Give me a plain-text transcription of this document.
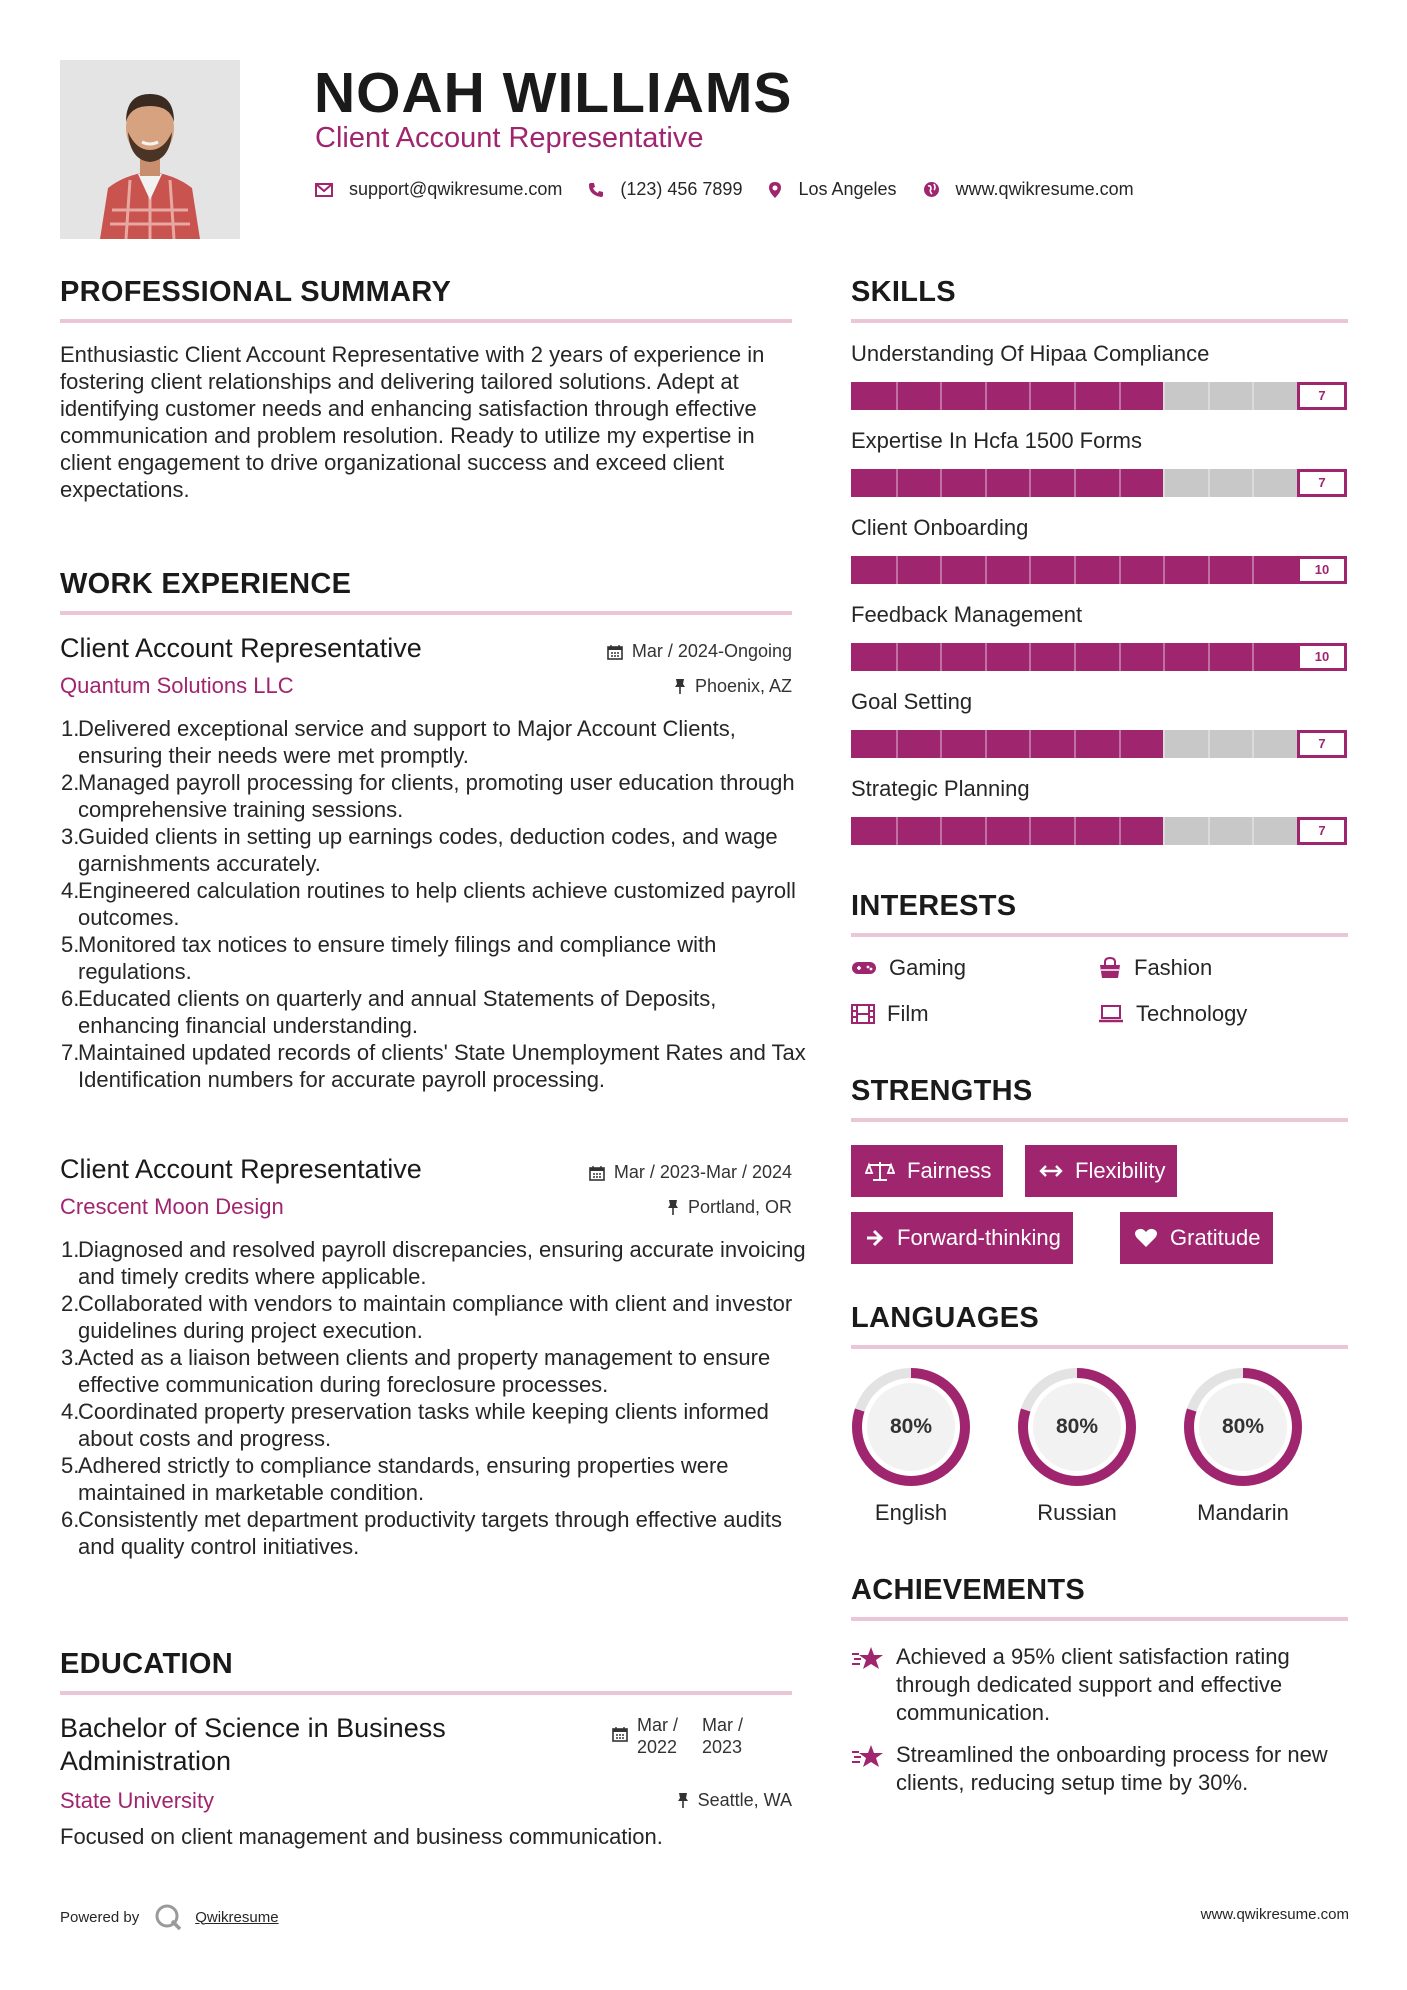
NOAH WILLIAMS
Client Account Representative
support@qwikresume.com	(123) 456 7899	Los Angeles	www.qwikresume.com
PROFESSIONAL SUMMARY
Enthusiastic Client Account Representative with 2 years of experience in fostering client relationships and delivering tailored solutions. Adept at identifying customer needs and enhancing satisfaction through effective communication and problem resolution. Ready to utilize my expertise in client engagement to drive organizational success and exceed client expectations.
WORK EXPERIENCE
Client Account Representative	Mar / 2024-Ongoing
Quantum Solutions LLC	Phoenix, AZ
Delivered exceptional service and support to Major Account Clients, ensuring their needs were met promptly.
Managed payroll processing for clients, promoting user education through comprehensive training sessions.
Guided clients in setting up earnings codes, deduction codes, and wage garnishments accurately.
Engineered calculation routines to help clients achieve customized payroll outcomes.
Monitored tax notices to ensure timely filings and compliance with regulations.
Educated clients on quarterly and annual Statements of Deposits, enhancing financial understanding.
Maintained updated records of clients' State Unemployment Rates and Tax Identification numbers for accurate payroll processing.
Client Account Representative	Mar / 2023-Mar / 2024
Crescent Moon Design	Portland, OR
Diagnosed and resolved payroll discrepancies, ensuring accurate invoicing and timely credits where applicable.
Collaborated with vendors to maintain compliance with client and investor guidelines during project execution.
Acted as a liaison between clients and property management to ensure effective communication during foreclosure processes.
Coordinated property preservation tasks while keeping clients informed about costs and progress.
Adhered strictly to compliance standards, ensuring properties were maintained in marketable condition.
Consistently met department productivity targets through effective audits and quality control initiatives.
EDUCATION
Bachelor of Science in Business Administration
Mar /
2022
Mar /
2023
State University	Seattle, WA
Focused on client management and business communication.
SKILLS
Understanding Of Hipaa Compliance
7
Expertise In Hcfa 1500 Forms
7
Client Onboarding
10
Feedback Management
10
Goal Setting
7
Strategic Planning
7
INTERESTS
Gaming	Fashion
Film	Technology
STRENGTHS
Fairness	Flexibility
Forward-thinking	Gratitude
LANGUAGES
80%
English
80%
Russian
80%
Mandarin
ACHIEVEMENTS
Achieved a 95% client satisfaction rating through dedicated support and effective communication.
Streamlined the onboarding process for new clients, reducing setup time by 30%.
Powered by	Qwikresume	www.qwikresume.com
